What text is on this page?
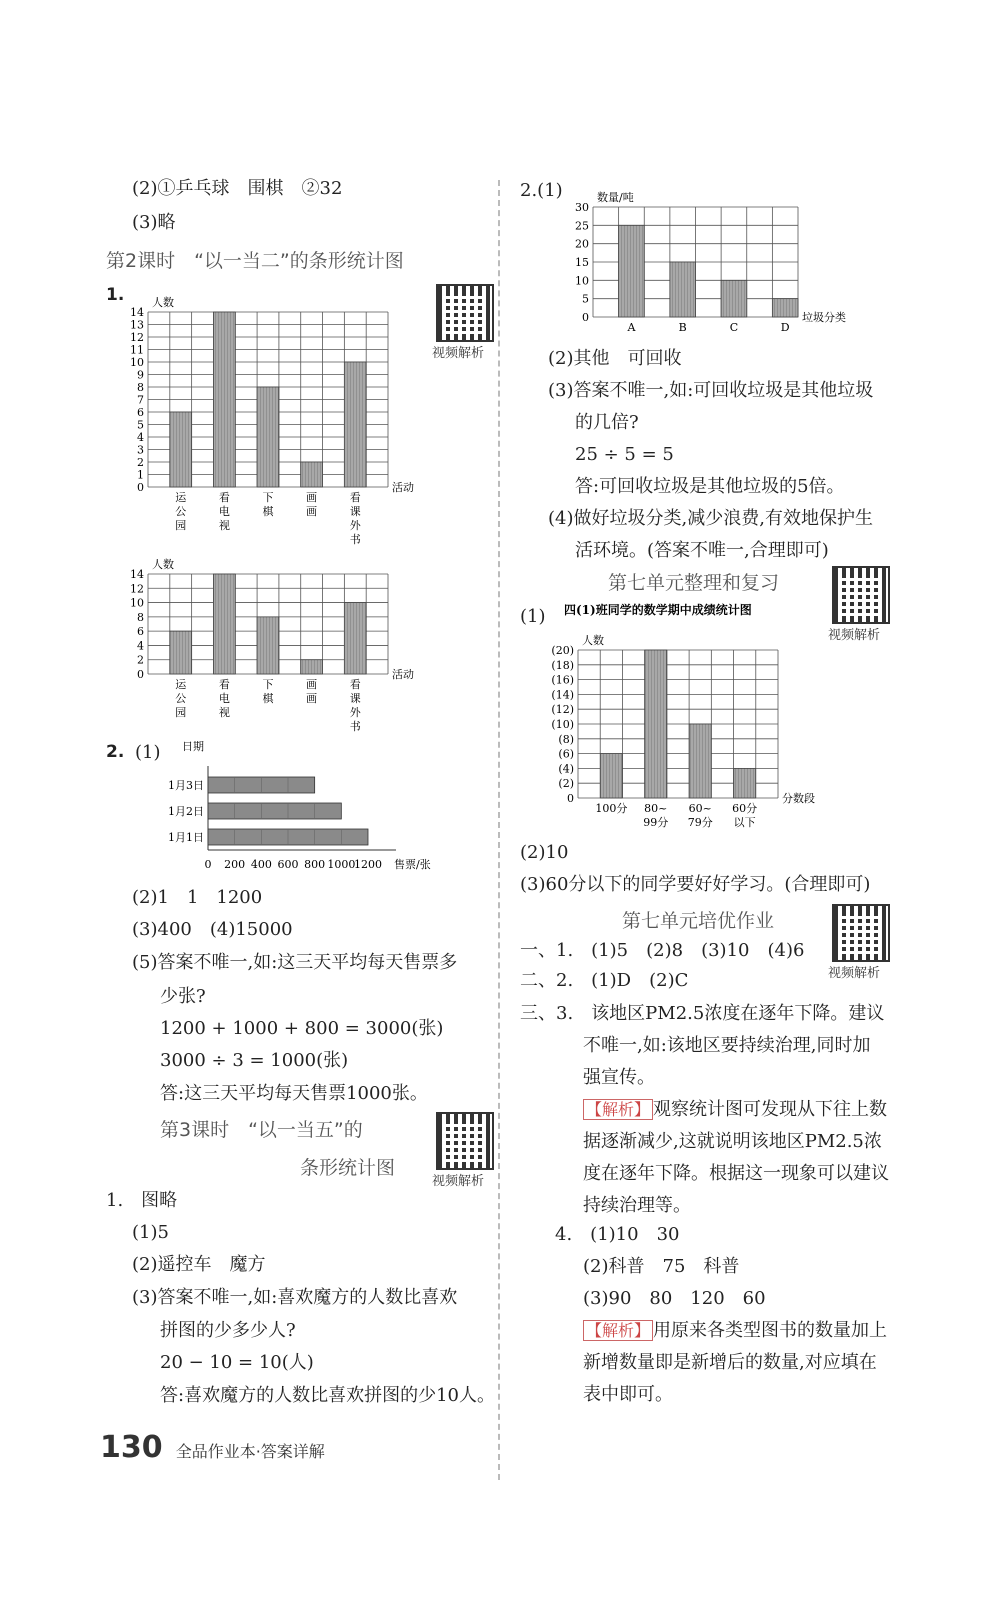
(2)①乒乓球　围棋　②32
(3)略
第2课时　“以一当二”的条形统计图
1.
视频解析
14
13
12
11
10
9
8
7
6
5
4
3
2
1
0
人数
活动
运
公
园
看
电
视
下
棋
画
画
看
课
外
书
14
12
10
8
6
4
2
0
人数
活动
运
公
园
看
电
视
下
棋
画
画
看
课
外
书
2. (1) 日期
0 200 400 600 800 1000
1200 售票/张
1月3日
1月2日
1月1日
(2)1　1　1200
(3)400　(4)15000
(5)答案不唯一,如:这三天平均每天售票多
少张?
1200 + 1000 + 800 = 3000(张)
3000 ÷ 3 = 1000(张)
答:这三天平均每天售票1000张。
第3课时　“以一当五”的
条形统计图
视频解析
1.　图略
(1)5
(2)遥控车　魔方
(3)答案不唯一,如:喜欢魔方的人数比喜欢
拼图的少多少人?
20 − 10 = 10(人)
答:喜欢魔方的人数比喜欢拼图的少10人。
2.(1)
30
25
20
15
10
5
0
数量/吨
垃圾分类
A	B	C	D
(2)其他　可回收
(3)答案不唯一,如:可回收垃圾是其他垃圾
的几倍?
25 ÷ 5 = 5
答:可回收垃圾是其他垃圾的5倍。
(4)做好垃圾分类,减少浪费,有效地保护生
活环境。(答案不唯一,合理即可)
第七单元整理和复习
视频解析
(1)
(20)
(18)
(16)
(14)
(12)
(10)
(8)
(6)
(4)
(2)
0
人数
分数段
100分 80~
99分
60~
79分
60分
以下
四(1)班同学的数学期中成绩统计图
(2)10
(3)60分以下的同学要好好学习。(合理即可)
第七单元培优作业
视频解析
一、1.　(1)5　(2)8　(3)10　(4)6
二、2.　(1)D　(2)C
三、3.　该地区PM2.5浓度在逐年下降。建议
不唯一,如:该地区要持续治理,同时加
强宣传。
【解析】 观察统计图可发现从下往上数
据逐渐减少,这就说明该地区PM2.5浓
度在逐年下降。根据这一现象可以建议
持续治理等。
4.　(1)10　30
(2)科普　75　科普
(3)90　80　120　60
【解析】 用原来各类型图书的数量加上
新增数量即是新增后的数量,对应填在
表中即可。
130 全品作业本·答案详解
